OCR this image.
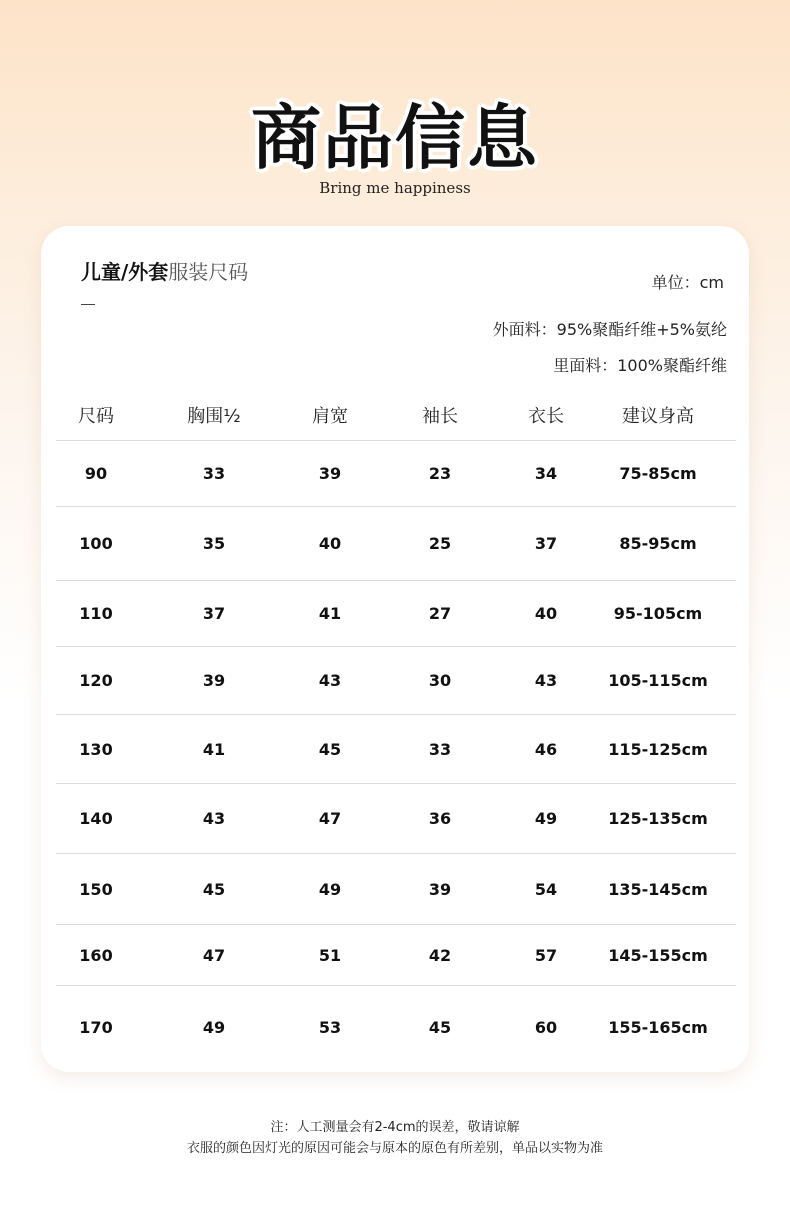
商品信息
Bring me happiness
儿童/外套服装尺码	单位：cm
外面料：95%聚酯纤维+5%氨纶
里面料：100%聚酯纤维
尺码	胸围½	肩宽	袖长	衣长	建议身高
90	33	39	23	34	75-85cm
100	35	40	25	37	85-95cm
110	37	41	27	40	95-105cm
120	39	43	30	43	105-115cm
130	41	45	33	46	115-125cm
140	43	47	36	49	125-135cm
150	45	49	39	54	135-145cm
160	47	51	42	57	145-155cm
170	49	53	45	60	155-165cm
注：人工测量会有2-4cm的误差，敬请谅解
衣服的颜色因灯光的原因可能会与原本的原色有所差别，单品以实物为准
